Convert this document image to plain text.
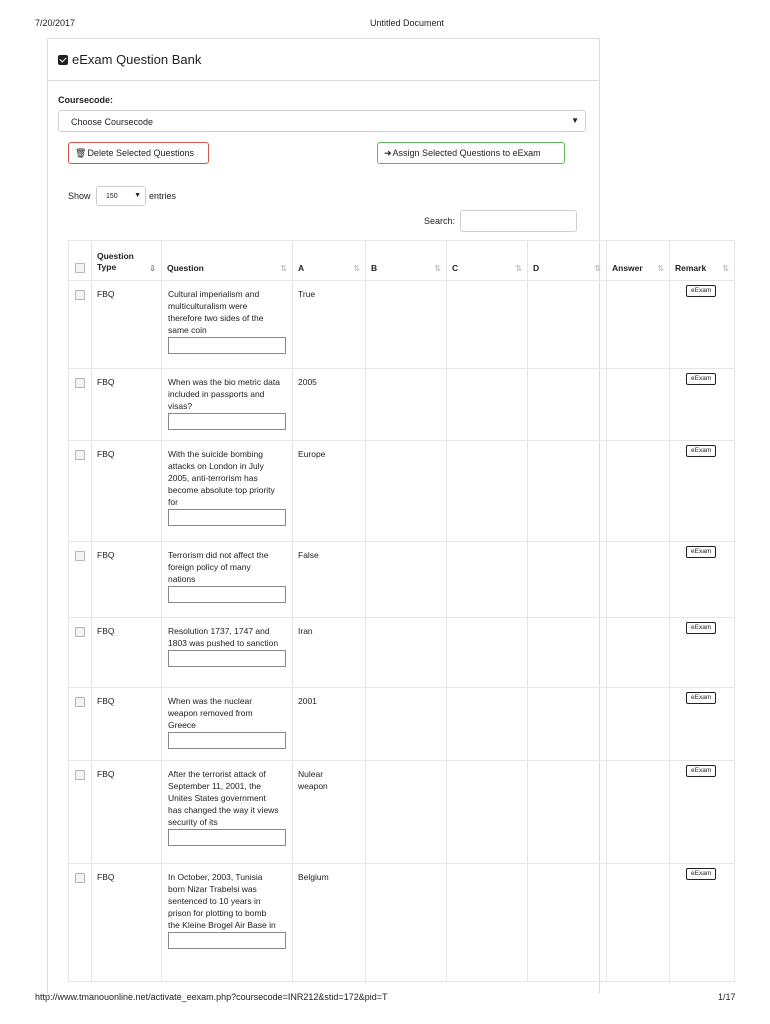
7/20/2017	Untitled Document
eExam Question Bank
Coursecode:
Choose Coursecode	▼
🗑Delete Selected Questions	➜Assign Selected Questions to eExam
Show 150 ▼ entries
Search:

	Question
Type ⇩	Question ⇅	A ⇅	B ⇅	C ⇅	D ⇅	Answer ⇅	Remark ⇅

	FBQ	Cultural imperialism and multiculturalism were therefore two sides of the same coin	True					eExam

	FBQ	When was the bio metric data included in passports and visas?	2005					eExam

	FBQ	With the suicide bombing attacks on London in July 2005, anti-terrorism has become absolute top priority for	Europe					eExam

	FBQ	Terrorism did not affect the foreign policy of many nations	False					eExam

	FBQ	Resolution 1737, 1747 and 1803 was pushed to sanction	Iran					eExam

	FBQ	When was the nuclear weapon removed from Greece	2001					eExam

	FBQ	After the terrorist attack of September 11, 2001, the Unites States government has changed the way it views security of its	Nulear weapon					eExam

	FBQ	In October, 2003, Tunisia born Nizar Trabelsi was sentenced to 10 years in prison for plotting to bomb the Kleine Brogel Air Base in	Belgium					eExam
http://www.tmanouonline.net/activate_eexam.php?coursecode=INR212&stid=172&pid=T	1/17
